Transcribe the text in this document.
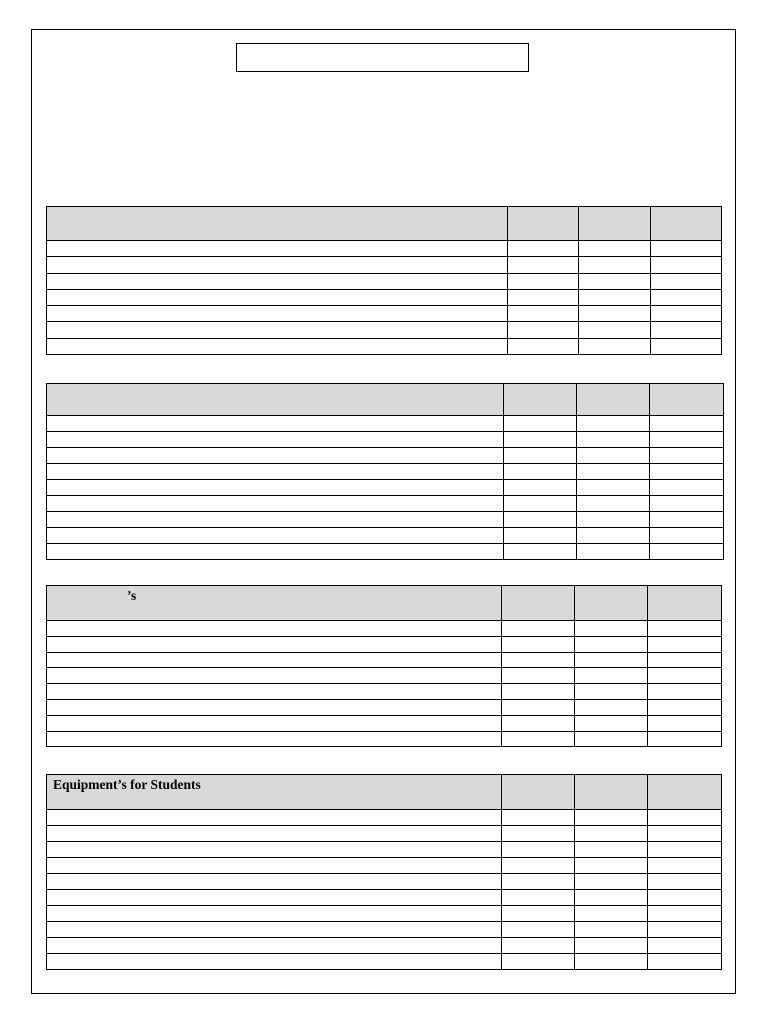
’s			

Equipment’s for Students			
